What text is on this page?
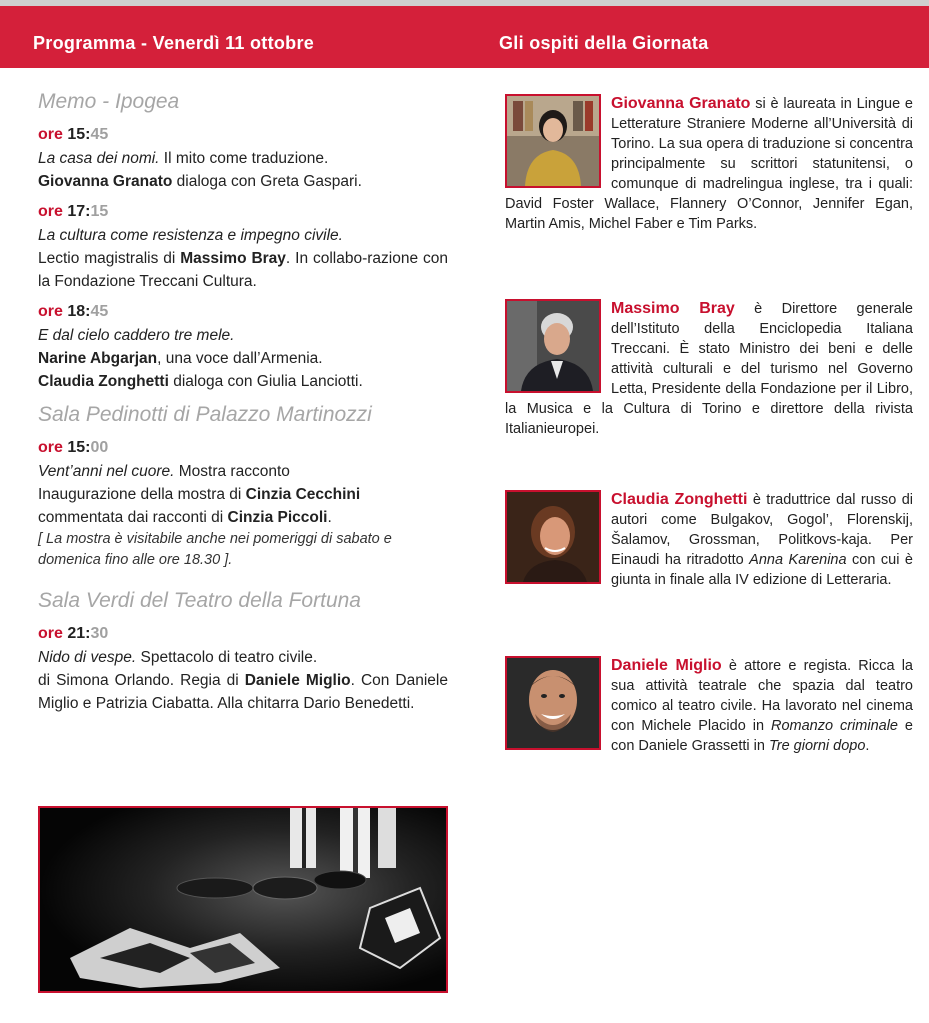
Programma - Venerdì 11 ottobre	Gli ospiti della Giornata
Memo - Ipogea
ore 15:45
La casa dei nomi. Il mito come traduzione.
Giovanna Granato dialoga con Greta Gaspari.
ore 17:15
La cultura come resistenza e impegno civile.
Lectio magistralis di Massimo Bray. In collabo-razione con la Fondazione Treccani Cultura.
ore 18:45
E dal cielo caddero tre mele.
Narine Abgarjan, una voce dall’Armenia.
Claudia Zonghetti dialoga con Giulia Lanciotti.
Sala Pedinotti di Palazzo Martinozzi
ore 15:00
Vent’anni nel cuore. Mostra racconto
Inaugurazione della mostra di Cinzia Cecchini
commentata dai racconti di Cinzia Piccoli.
[ La mostra è visitabile anche nei pomeriggi di sabato e domenica fino alle ore 18.30 ].
Sala Verdi del Teatro della Fortuna
ore 21:30
Nido di vespe. Spettacolo di teatro civile.
di Simona Orlando. Regia di Daniele Miglio. Con Daniele Miglio e Patrizia Ciabatta. Alla chitarra Dario Benedetti.
Giovanna Granato si è laureata in Lingue e Letterature Straniere Moderne all’Università di Torino. La sua opera di traduzione si concentra principalmente su scrittori statunitensi, o comunque di madrelingua inglese, tra i quali: David Foster Wallace, Flannery O’Connor, Jennifer Egan, Martin Amis, Michel Faber e Tim Parks.
Massimo Bray è Direttore generale dell’Istituto della Enciclopedia Italiana Treccani. È stato Ministro dei beni e delle attività culturali e del turismo nel Governo Letta, Presidente della Fondazione per il Libro, la Musica e la Cultura di Torino e direttore della rivista Italianieuropei.
Claudia Zonghetti è traduttrice dal russo di autori come Bulgakov, Gogol’, Florenskij, Šalamov, Grossman, Politkovs-kaja. Per Einaudi ha ritradotto Anna Karenina con cui è giunta in finale alla IV edizione di Letteraria.
Daniele Miglio è attore e regista. Ricca la sua attività teatrale che spazia dal teatro comico al teatro civile. Ha lavorato nel cinema con Michele Placido in Romanzo criminale e con Daniele Grassetti in Tre giorni dopo.
